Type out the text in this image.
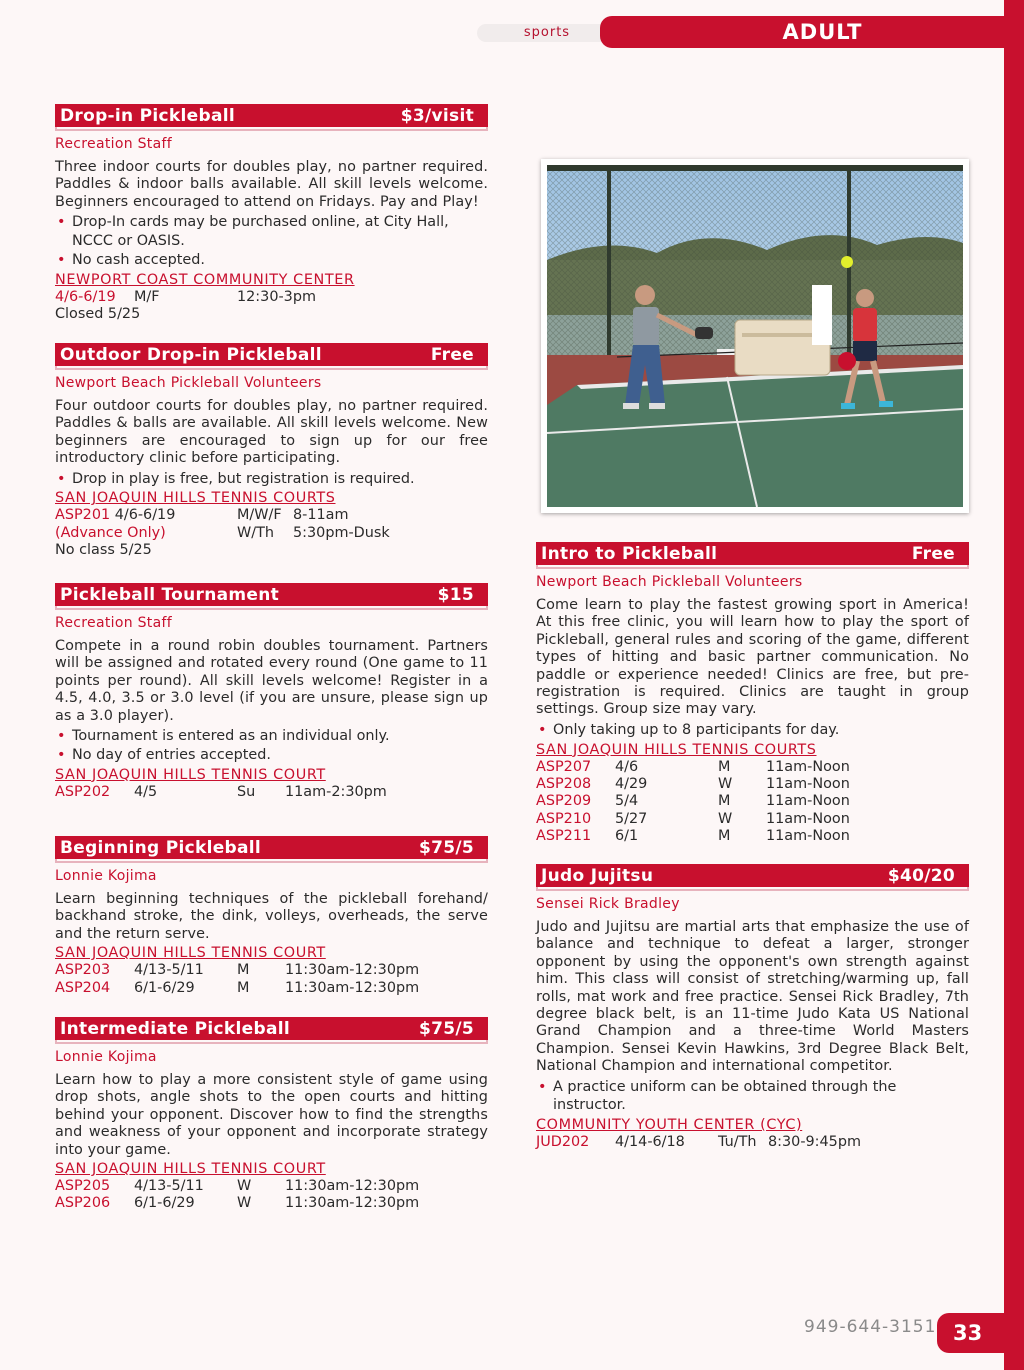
sports	ADULT
Drop-in Pickleball	$3/visit
Recreation Staff

Three indoor courts for doubles play, no partner required. Paddles & indoor balls available. All skill levels welcome. Beginners encouraged to attend on Fridays. Pay and Play!

• Drop-In cards may be purchased online, at City Hall, NCCC or OASIS.
• No cash accepted.
NEWPORT COAST COMMUNITY CENTER
4/6-6/19	M/F	12:30-3pm
Closed 5/25
Outdoor Drop-in Pickleball	Free
Newport Beach Pickleball Volunteers

Four outdoor courts for doubles play, no partner required. Paddles & balls are available. All skill levels welcome. New beginners are encouraged to sign up for our free introductory clinic before participating.

• Drop in play is free, but registration is required.
SAN JOAQUIN HILLS TENNIS COURTS
ASP201 4/6-6/19	M/W/F 8-11am
(Advance Only)	W/Th	5:30pm-Dusk
No class 5/25
Pickleball Tournament	$15
Recreation Staff

Compete in a round robin doubles tournament. Partners will be assigned and rotated every round (One game to 11 points per round). All skill levels welcome! Register in a 4.5, 4.0, 3.5 or 3.0 level (if you are unsure, please sign up as a 3.0 player).

• Tournament is entered as an individual only.
• No day of entries accepted.
SAN JOAQUIN HILLS TENNIS COURT
ASP202	4/5	Su	11am-2:30pm
Beginning Pickleball	$75/5
Lonnie Kojima

Learn beginning techniques of the pickleball forehand/ backhand stroke, the dink, volleys, overheads, the serve and the return serve.

SAN JOAQUIN HILLS TENNIS COURT
ASP203	4/13-5/11	M	11:30am-12:30pm
ASP204	6/1-6/29	M	11:30am-12:30pm
Intermediate Pickleball	$75/5
Lonnie Kojima

Learn how to play a more consistent style of game using drop shots, angle shots to the open courts and hitting behind your opponent. Discover how to find the strengths and weakness of your opponent and incorporate strategy into your game.

SAN JOAQUIN HILLS TENNIS COURT
ASP205	4/13-5/11	W	11:30am-12:30pm
ASP206	6/1-6/29	W	11:30am-12:30pm
Intro to Pickleball	Free
Newport Beach Pickleball Volunteers

Come learn to play the fastest growing sport in America! At this free clinic, you will learn how to play the sport of Pickleball, general rules and scoring of the game, different types of hitting and basic partner communication. No paddle or experience needed! Clinics are free, but pre-registration is required. Clinics are taught in group settings. Group size may vary.

• Only taking up to 8 participants for day.
SAN JOAQUIN HILLS TENNIS COURTS
ASP207	4/6	M	11am-Noon
ASP208	4/29	W	11am-Noon
ASP209	5/4	M	11am-Noon
ASP210	5/27	W	11am-Noon
ASP211	6/1	M	11am-Noon
Judo Jujitsu	$40/20
Sensei Rick Bradley

Judo and Jujitsu are martial arts that emphasize the use of balance and technique to defeat a larger, stronger opponent by using the opponent's own strength against him. This class will consist of stretching/warming up, fall rolls, mat work and free practice. Sensei Rick Bradley, 7th degree black belt, is an 11-time Judo Kata US National Grand Champion and a three-time World Masters Champion. Sensei Kevin Hawkins, 3rd Degree Black Belt, National Champion and international competitor.

• A practice uniform can be obtained through the instructor.
COMMUNITY YOUTH CENTER (CYC)
JUD202	4/14-6/18	Tu/Th 8:30-9:45pm
949-644-3151 33
